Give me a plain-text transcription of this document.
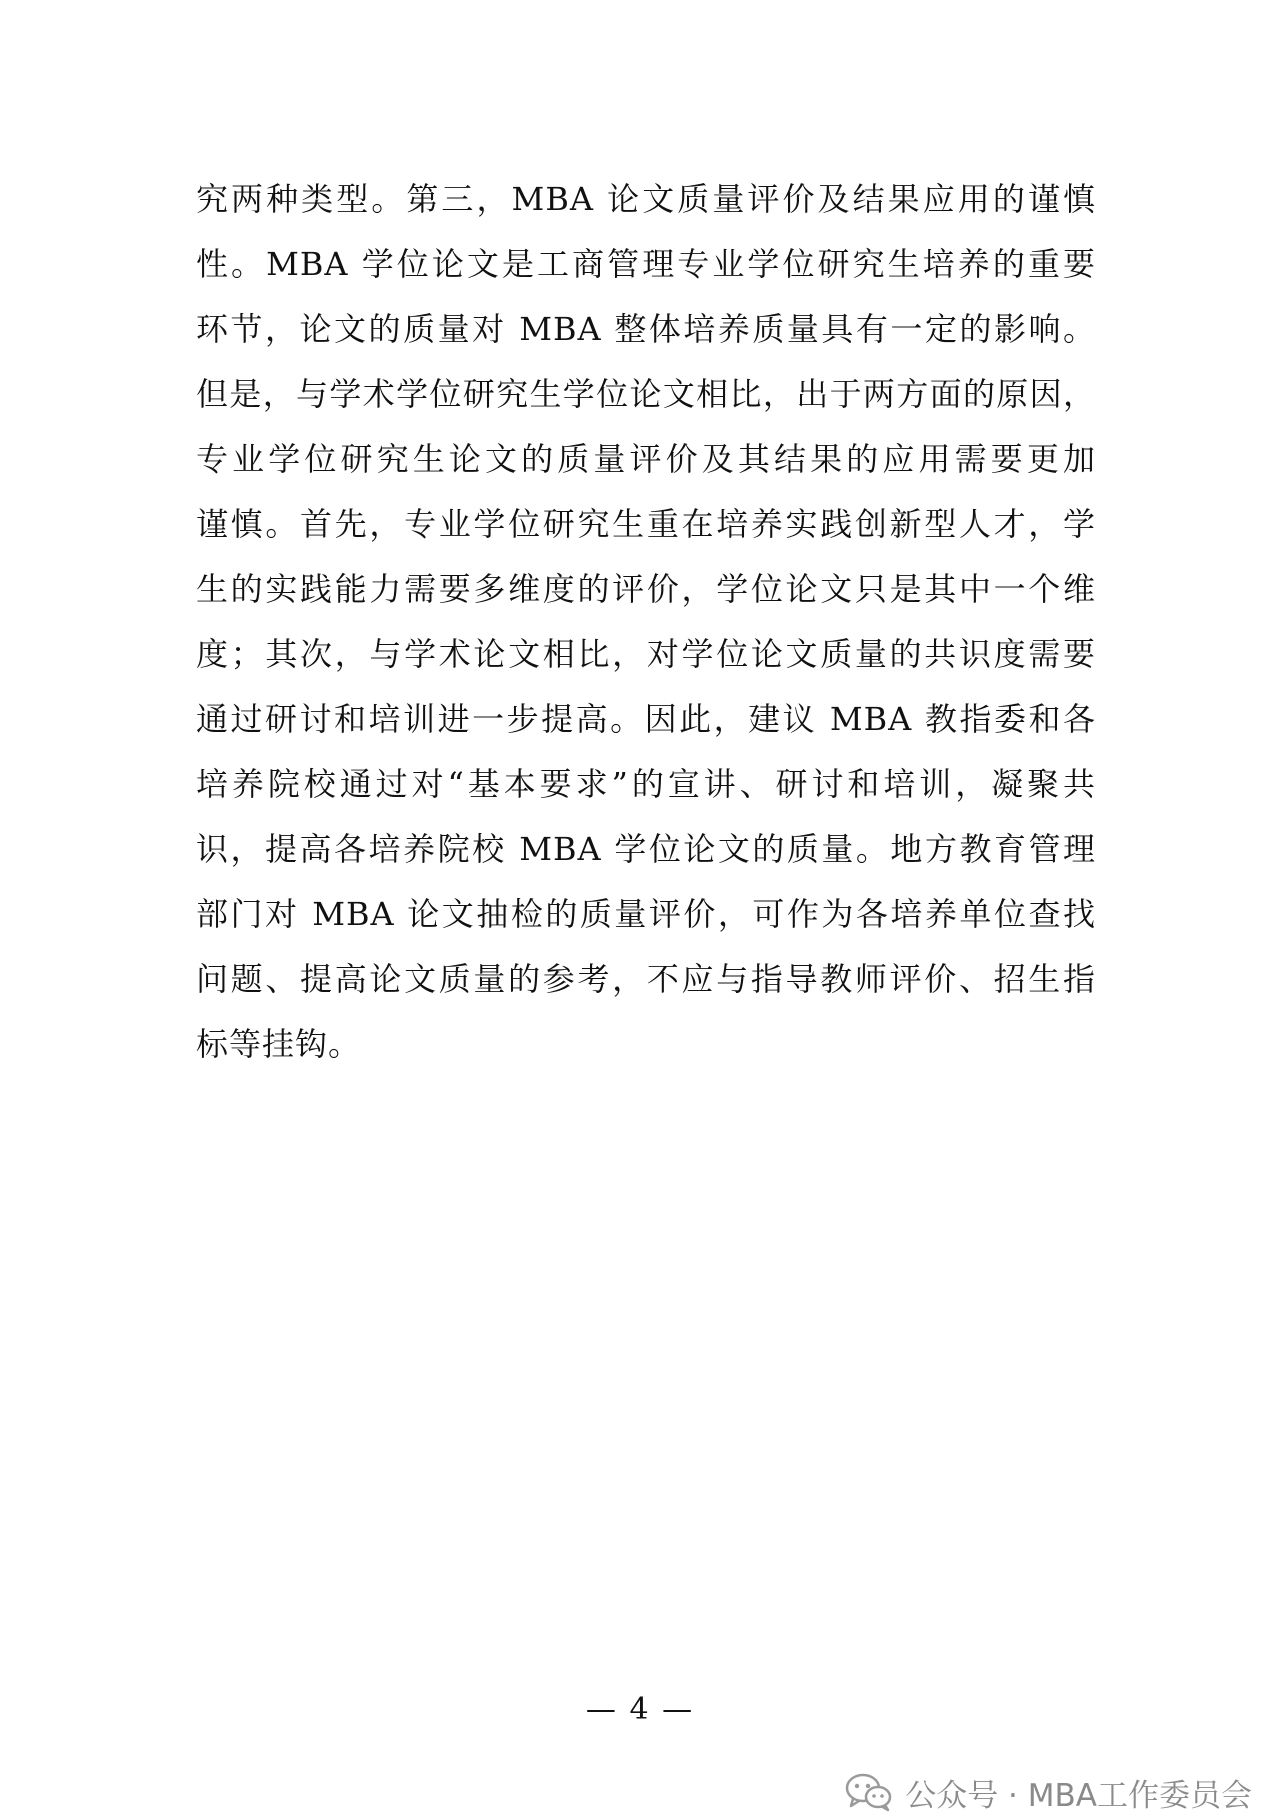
究两种类型。第三，MBA 论文质量评价及结果应用的谨慎
性。MBA 学位论文是工商管理专业学位研究生培养的重要
环节，论文的质量对 MBA 整体培养质量具有一定的影响。
但是，与学术学位研究生学位论文相比，出于两方面的原因，
专业学位研究生论文的质量评价及其结果的应用需要更加
谨慎。首先，专业学位研究生重在培养实践创新型人才，学
生的实践能力需要多维度的评价，学位论文只是其中一个维
度；其次，与学术论文相比，对学位论文质量的共识度需要
通过研讨和培训进一步提高。因此，建议 MBA 教指委和各
培养院校通过对“基本要求”的宣讲、研讨和培训，凝聚共
识，提高各培养院校 MBA 学位论文的质量。地方教育管理
部门对 MBA 论文抽检的质量评价，可作为各培养单位查找
问题、提高论文质量的参考，不应与指导教师评价、招生指
标等挂钩。
— 4 —
公众号 · MBA工作委员会
